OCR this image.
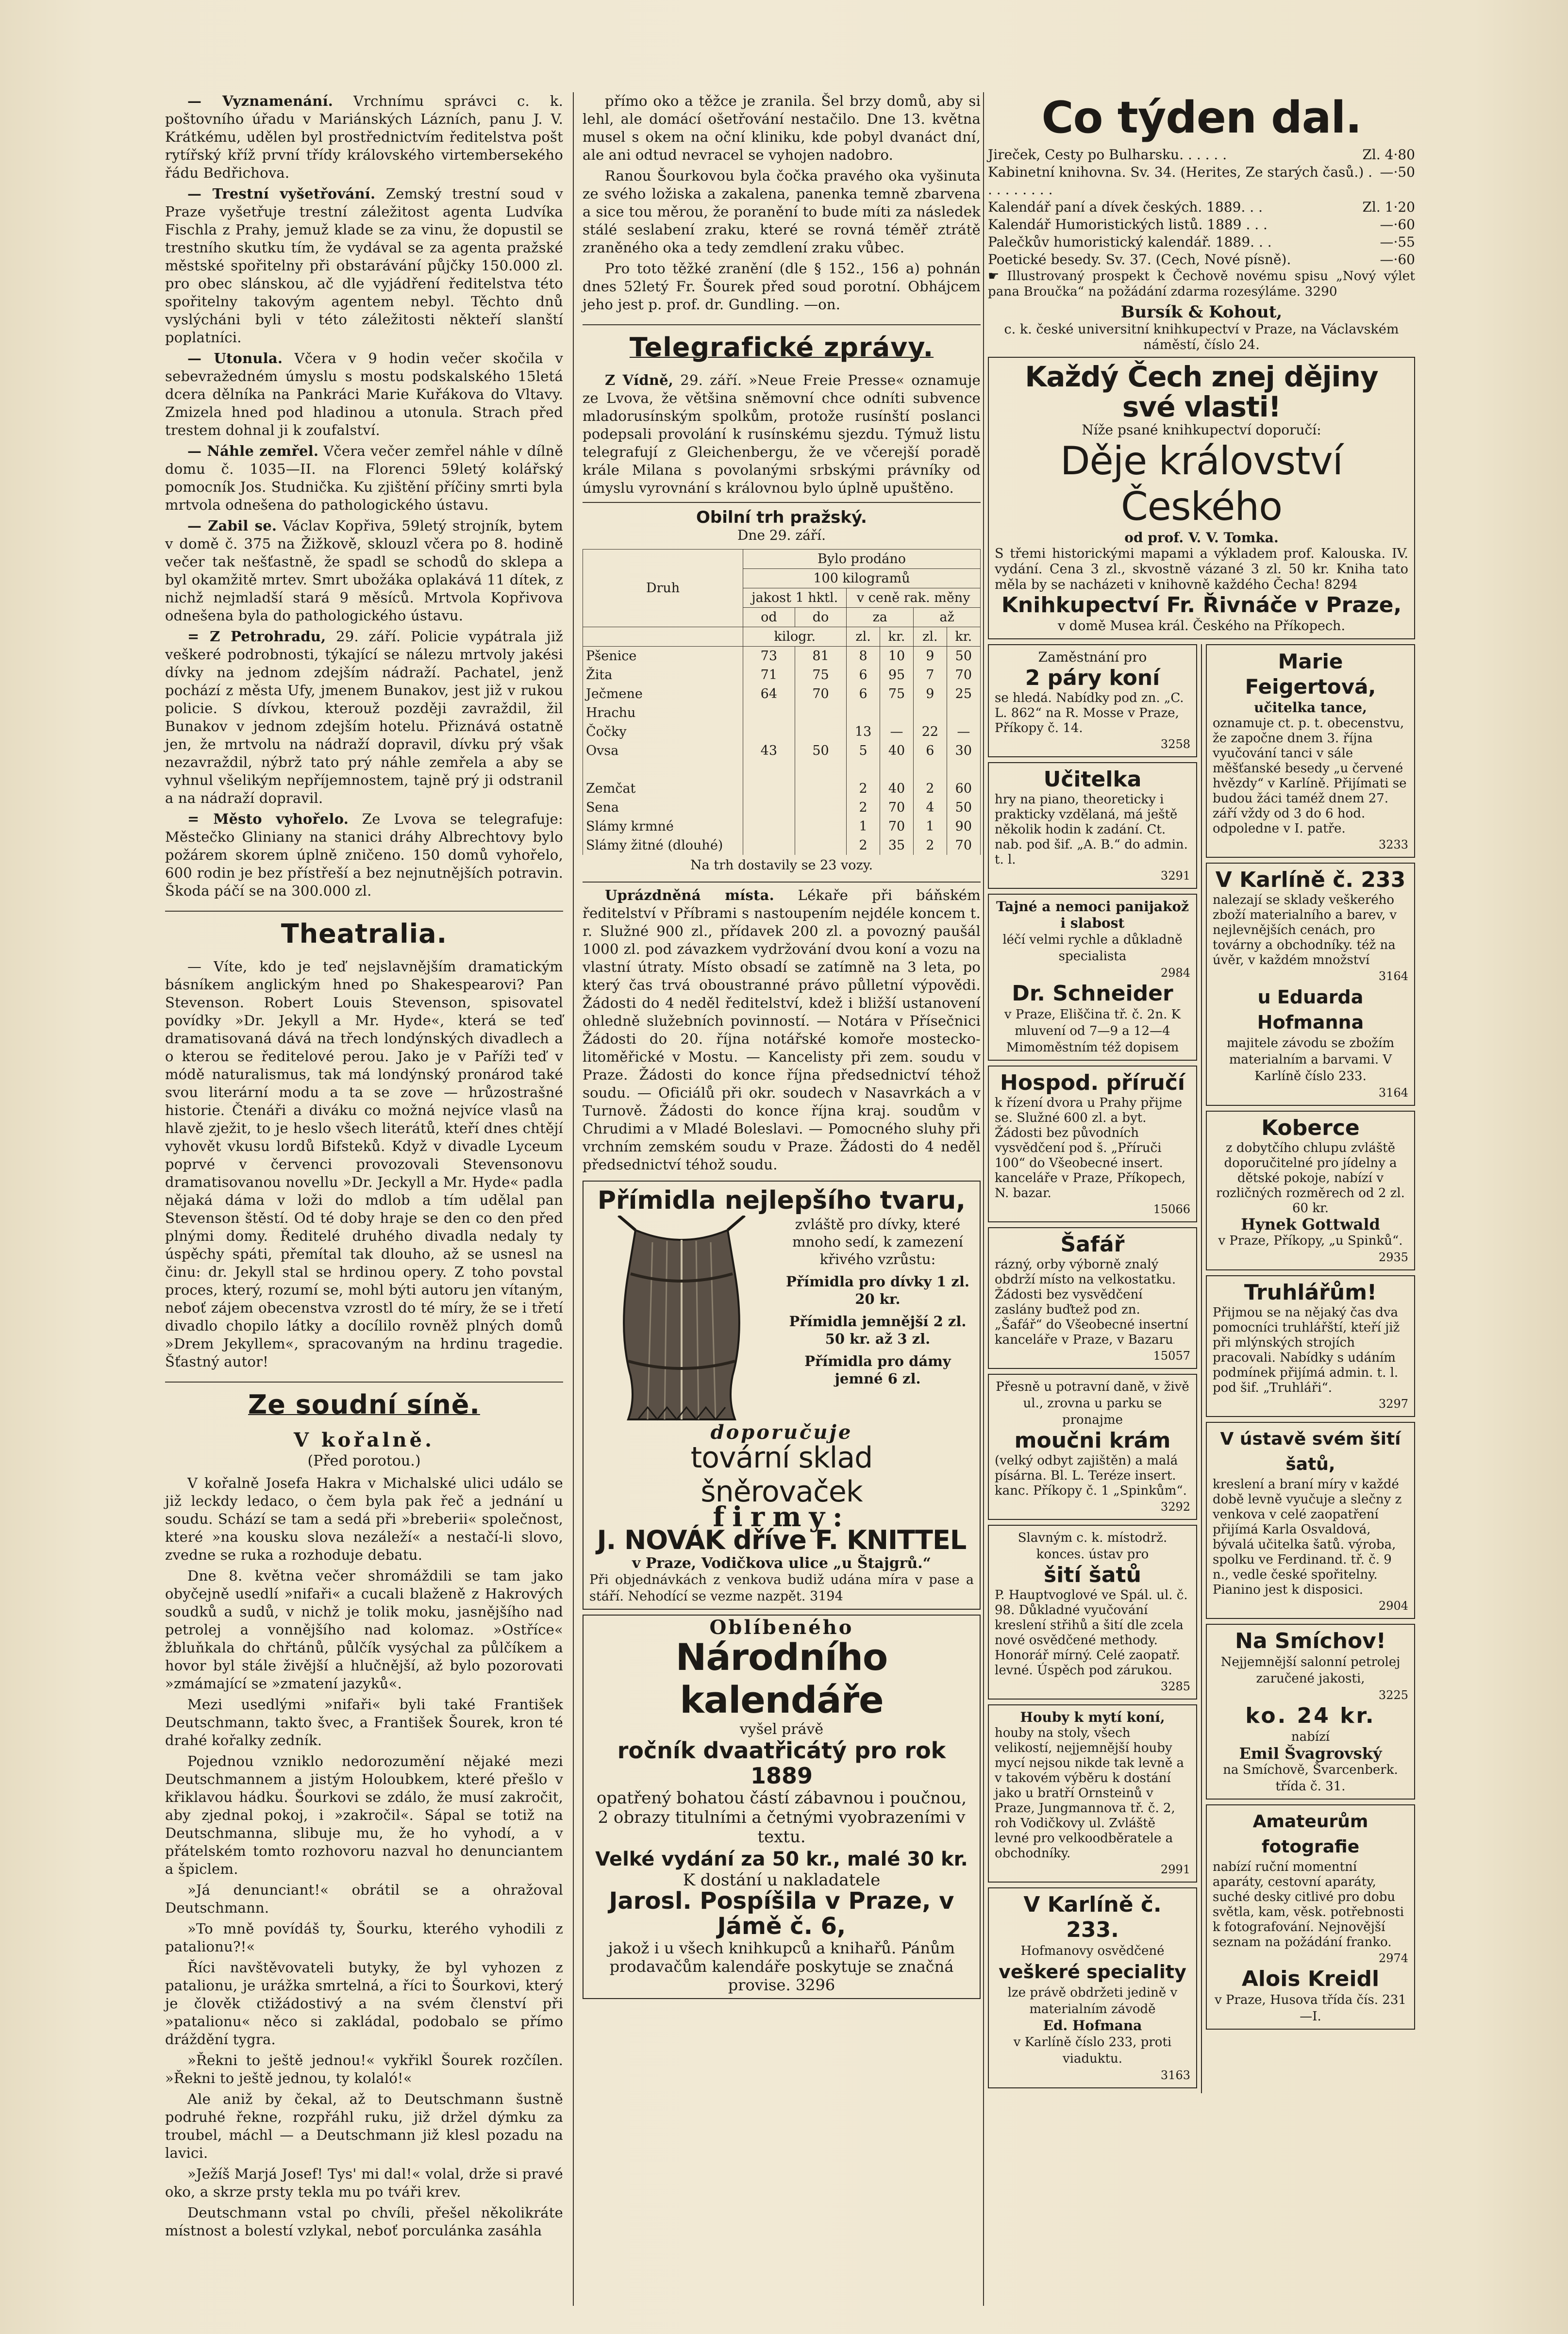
— Vyznamenání. Vrchnímu správci c. k. poštovního úřadu v Mariánských Lázních, panu J. V. Krátkému, udělen byl prostřednictvím ředitelstva pošt rytířský kříž první třídy královského virtembersekého řádu Bedřichova.

— Trestní vyšetřování. Zemský trestní soud v Praze vyšetřuje trestní záležitost agenta Ludvíka Fischla z Prahy, jemuž klade se za vinu, že dopustil se trestního skutku tím, že vydával se za agenta pražské městské spořitelny při obstarávání půjčky 150.000 zl. pro obec slánskou, ač dle vyjádření ředitelstva této spořitelny takovým agentem nebyl. Těchto dnů vyslýcháni byli v této záležitosti někteří slanští poplatníci.

— Utonula. Včera v 9 hodin večer skočila v sebevražedném úmyslu s mostu podskalského 15letá dcera dělníka na Pankráci Marie Kuřákova do Vltavy. Zmizela hned pod hladinou a utonula. Strach před trestem dohnal ji k zoufalství.

— Náhle zemřel. Včera večer zemřel náhle v dílně domu č. 1035—II. na Florenci 59letý kolářský pomocník Jos. Studnička. Ku zjištění příčiny smrti byla mrtvola odnešena do pathologického ústavu.

— Zabil se. Václav Kopřiva, 59letý strojník, bytem v domě č. 375 na Žižkově, sklouzl včera po 8. hodině večer tak nešťastně, že spadl se schodů do sklepa a byl okamžitě mrtev. Smrt ubožáka oplakává 11 dítek, z nichž nejmladší stará 9 měsíců. Mrtvola Kopřivova odnešena byla do pathologického ústavu.

= Z Petrohradu, 29. září. Policie vypátrala již veškeré podrobnosti, týkající se nálezu mrtvoly jakési dívky na jednom zdejším nádraží. Pachatel, jenž pochází z města Ufy, jmenem Bunakov, jest již v rukou policie. S dívkou, kterouž později zavraždil, žil Bunakov v jednom zdejším hotelu. Přiznává ostatně jen, že mrtvolu na nádraží dopravil, dívku prý však nezavraždil, nýbrž tato prý náhle zemřela a aby se vyhnul všelikým nepříjemnostem, tajně prý ji odstranil a na nádraží dopravil.

= Město vyhořelo. Ze Lvova se telegrafuje: Městečko Gliniany na stanici dráhy Albrechtovy bylo požárem skorem úplně zničeno. 150 domů vyhořelo, 600 rodin je bez přístřeší a bez nejnutnějších potravin. Škoda páčí se na 300.000 zl.

Theatralia.

— Víte, kdo je teď nejslavnějším dramatickým básníkem anglickým hned po Shakespearovi? Pan Stevenson. Robert Louis Stevenson, spisovatel povídky »Dr. Jekyll a Mr. Hyde«, která se teď dramatisovaná dává na třech londýnských divadlech a o kterou se ředitelové perou. Jako je v Paříži teď v módě naturalismus, tak má londýnský pronárod také svou literární modu a ta se zove — hrůzostrašné historie. Čtenáři a diváku co možná nejvíce vlasů na hlavě zježit, to je heslo všech literátů, kteří dnes chtějí vyhovět vkusu lordů Bifsteků. Když v divadle Lyceum poprvé v červenci provozovali Stevensonovu dramatisovanou novellu »Dr. Jeckyll a Mr. Hyde« padla nějaká dáma v loži do mdlob a tím udělal pan Stevenson štěstí. Od té doby hraje se den co den před plnými domy. Ředitelé druhého divadla nedaly ty úspěchy spáti, přemítal tak dlouho, až se usnesl na činu: dr. Jekyll stal se hrdinou opery. Z toho povstal proces, který, rozumí se, mohl býti autoru jen vítaným, neboť zájem obecenstva vzrostl do té míry, že se i třetí divadlo chopilo látky a docílilo rovněž plných domů »Drem Jekyllem«, spracovaným na hrdinu tragedie. Šťastný autor!

Ze soudní síně.
V kořalně.
(Před porotou.)

V kořalně Josefa Hakra v Michalské ulici událo se již leckdy ledaco, o čem byla pak řeč a jednání u soudu. Schází se tam a sedá při »breberii« společnost, které »na kousku slova nezáleží« a nestačí-li slovo, zvedne se ruka a rozhoduje debatu.

Dne 8. května večer shromáždili se tam jako obyčejně usedlí »nifaři« a cucali blaženě z Hakrových soudků a sudů, v nichž je tolik moku, jasnějšího nad petrolej a vonnějšího nad kolomaz. »Ostříce« žbluňkala do chřtánů, půlčík vysýchal za půlčíkem a hovor byl stále živější a hlučnější, až bylo pozorovati »zmámající se »zmatení jazyků«.

Mezi usedlými »nifaři« byli také František Deutschmann, takto švec, a František Šourek, kron té drahé kořalky zedník.

Pojednou vzniklo nedorozumění nějaké mezi Deutschmannem a jistým Holoubkem, které přešlo v křiklavou hádku. Šourkovi se zdálo, že musí zakročit, aby zjednal pokoj, i »zakročil«. Sápal se totiž na Deutschmanna, slibuje mu, že ho vyhodí, a v přátelském tomto rozhovoru nazval ho denunciantem a špiclem.

»Já denunciant!« obrátil se a ohražoval Deutschmann.

»To mně povídáš ty, Šourku, kterého vyhodili z patalionu?!«

Říci navštěvovateli butyky, že byl vyhozen z patalionu, je urážka smrtelná, a říci to Šourkovi, který je člověk ctižádostivý a na svém členství při »patalionu« něco si zakládal, podobalo se přímo dráždění tygra.

»Řekni to ještě jednou!« vykřikl Šourek rozčílen. »Řekni to ještě jednou, ty kolaló!«

Ale aniž by čekal, až to Deutschmann šustně podruhé řekne, rozpřáhl ruku, již držel dýmku za troubel, máchl — a Deutschmann již klesl pozadu na lavici.

»Ježíš Marjá Josef! Tys' mi dal!« volal, drže si pravé oko, a skrze prsty tekla mu po tváři krev.

Deutschmann vstal po chvíli, přešel několikráte místnost a bolestí vzlykal, neboť porculánka zasáhla

přímo oko a těžce je zranila. Šel brzy domů, aby si lehl, ale domácí ošetřování nestačilo. Dne 13. května musel s okem na oční kliniku, kde pobyl dvanáct dní, ale ani odtud nevracel se vyhojen nadobro.

Ranou Šourkovou byla čočka pravého oka vyšinuta ze svého ložiska a zakalena, panenka temně zbarvena a sice tou měrou, že poranění to bude míti za následek stálé seslabení zraku, které se rovná téměř ztrátě zraněného oka a tedy zemdlení zraku vůbec.

Pro toto těžké zranění (dle § 152., 156 a) pohnán dnes 52letý Fr. Šourek před soud porotní. Obhájcem jeho jest p. prof. dr. Gundling. —on.

Telegrafické zprávy.

Z Vídně, 29. září. »Neue Freie Presse« oznamuje ze Lvova, že většina sněmovní chce odníti subvence mladorusínským spolkům, protože rusínští poslanci podepsali provolání k rusínskému sjezdu. Týmuž listu telegrafují z Gleichenbergu, že ve včerejší poradě krále Milana s povolanými srbskými právníky od úmyslu vyrovnání s královnou bylo úplně upuštěno.

Obilní trh pražský.
Dne 29. září.
Druh	Bylo prodáno					
	100 kilogramů					
	jakost 1 hktl.		v ceně rak. měny			
	od	do	za		až	
	kilogr.		zl.	kr.	zl.	kr.
Pšenice	73	81	8	10	9	50
Žita	71	75	6	95	7	70
Ječmene	64	70	6	75	9	25
Hrachu						
Čočky			13	—	22	—
Ovsa	43	50	5	40	6	30

Zemčat			2	40	2	60
Sena			2	70	4	50
Slámy krmné			1	70	1	90
Slámy žitné (dlouhé)			2	35	2	70
Na trh dostavily se 23 vozy.

Uprázdněná místa. Lékaře při báňském ředitelství v Příbrami s nastoupením nejdéle koncem t. r. Služné 900 zl., přídavek 200 zl. a povozný paušál 1000 zl. pod závazkem vydržování dvou koní a vozu na vlastní útraty. Místo obsadí se zatímně na 3 leta, po který čas trvá oboustranné právo půlletní výpovědi. Žádosti do 4 neděl ředitelství, kdež i bližší ustanovení ohledně služebních povinností. — Notára v Přísečnici Žádosti do 20. října notářské komoře mostecko-litoměřické v Mostu. — Kancelisty při zem. soudu v Praze. Žádosti do konce října předsednictví téhož soudu. — Oficiálů při okr. soudech v Nasavrkách a v Turnově. Žádosti do konce října kraj. soudům v Chrudimi a v Mladé Boleslavi. — Pomocného sluhy při vrchním zemském soudu v Praze. Žádosti do 4 neděl předsednictví téhož soudu.

Přímidla nejlepšího tvaru,
zvláště pro dívky, které mnoho sedí, k zamezení křivého vzrůstu:
Přímidla pro dívky 1 zl. 20 kr.
Přímidla jemnější 2 zl. 50 kr. až 3 zl.
Přímidla pro dámy jemné 6 zl.
doporučuje
tovární sklad
šněrovaček
firmy:
J. NOVÁK dříve F. KNITTEL
v Praze, Vodičkova ulice „u Štajgrů.“
Při objednávkách z venkova budiž udána míra v pase a stáří. Nehodící se vezme nazpět. 3194
Oblíbeného
Národního kalendáře
vyšel právě
ročník dvaatřicátý pro rok 1889
opatřený bohatou částí zábavnou i poučnou, 2 obrazy titulními a četnými vyobrazeními v textu.
Velké vydání za 50 kr., malé 30 kr.
K dostání u nakladatele
Jarosl. Pospíšila v Praze, v Jámě č. 6,
jakož i u všech knihkupců a knihařů. Pánům prodavačům kalendáře poskytuje se značná provise. 3296
Co týden dal.
Jireček, Cesty po Bulharsku. . . . . .	Zl. 4·80
Kabinetní knihovna. Sv. 34. (Herites, Ze starých časů.) . . . . . . . . .
—·50
Kalendář paní a dívek českých. 1889. . .	Zl. 1·20
Kalendář Humoristických listů. 1889 . . .	—·60
Palečkův humoristický kalendář. 1889. . .	—·55
Poetické besedy. Sv. 37. (Cech, Nové písně).	—·60

☛ Illustrovaný prospekt k Čechově novému spisu „Nový výlet pana Broučka“ na požádání zdarma rozesýláme. 3290

Bursík & Kohout,
c. k. české universitní knihkupectví v Praze, na Václavském náměstí, číslo 24.
Každý Čech znej dějiny své vlasti!
Níže psané knihkupectví doporučí:
Děje království Českého
od prof. V. V. Tomka.
S třemi historickými mapami a výkladem prof. Kalouska. IV. vydání. Cena 3 zl., skvostně vázané 3 zl. 50 kr. Kniha tato měla by se nacházeti v knihovně každého Čecha! 8294
Knihkupectví Fr. Řivnáče v Praze,
v domě Musea král. Českého na Příkopech.
Zaměstnání pro
2 páry koní
se hledá. Nabídky pod zn. „C. L. 862“ na R. Mosse v Praze, Příkopy č. 14.
3258
Učitelka
hry na piano, theoreticky i prakticky vzdělaná, má ještě několik hodin k zadání. Ct. nab. pod šif. „A. B.“ do admin. t. l.
3291
Tajné a nemoci panijakož i slabost
léčí velmi rychle a důkladně specialista
2984
Dr. Schneider
v Praze, Eliščina tř. č. 2n. K mluvení od 7—9 a 12—4 Mimoměstním též dopisem
Hospod. příručí
k řízení dvora u Prahy přijme se. Služné 600 zl. a byt. Žádosti bez původních vysvědčení pod š. „Příruči 100“ do Všeobecné insert. kanceláře v Praze, Příkopech, N. bazar.
15066
Šafář
rázný, orby výborně znalý obdrží místo na velkostatku. Žádosti bez vysvědčení zaslány buďtež pod zn. „Šafář“ do Všeobecné insertní kanceláře v Praze, v Bazaru
15057
Přesně u potravní daně, v živě ul., zrovna u parku se pronajme
moučni krám
(velký odbyt zajištěn) a malá písárna. Bl. L. Teréze insert. kanc. Příkopy č. 1 „Spinkům“.
3292
Slavným c. k. místodrž. konces. ústav pro
šití šatů
P. Hauptvoglové ve Spál. ul. č. 98. Důkladné vyučování kreslení střihů a šití dle zcela nové osvědčené methody. Honorář mírný. Celé zaopatř. levné. Úspěch pod zárukou.
3285
Houby k mytí koní,
houby na stoly, všech velikostí, nejjemnější houby mycí nejsou nikde tak levně a v takovém výběru k dostání jako u bratří Ornsteinů v Praze, Jungmannova tř. č. 2, roh Vodičkovy ul. Zvláště levné pro velkoodběratele a obchodníky.
2991
V Karlíně č. 233.
Hofmanovy osvědčené
veškeré speciality
lze právě obdržeti jedině v materialním závodě
Ed. Hofmana
v Karlíně číslo 233, proti viaduktu.
3163
Marie Feigertová,
učitelka tance,
oznamuje ct. p. t. obecenstvu, že započne dnem 3. října vyučování tanci v sále měšťanské besedy „u červené hvězdy“ v Karlíně. Přijímati se budou žáci taméž dnem 27. září vždy od 3 do 6 hod. odpoledne v I. patře.
3233
V Karlíně č. 233
nalezají se sklady veškerého zboží materialního a barev, v nejlevnějších cenách, pro továrny a obchodníky. též na úvěr, v každém množství
3164
u Eduarda Hofmanna
majitele závodu se zbožím materialním a barvami. V Karlíně číslo 233.
3164
Koberce
z dobytčího chlupu zvláště doporučitelné pro jídelny a dětské pokoje, nabízí v rozličných rozměrech od 2 zl. 60 kr.
Hynek Gottwald
v Praze, Příkopy, „u Spinků“.
2935
Truhlářům!
Přijmou se na nějaký čas dva pomocníci truhlářští, kteří již při mlýnských strojích pracovali. Nabídky s udáním podmínek přijímá admin. t. l. pod šif. „Truhláři“.
3297
V ústavě svém šití šatů,
kreslení a braní míry v každé době levně vyučuje a slečny z venkova v celé zaopatření přijímá Karla Osvaldová, bývalá učitelka šatů. výroba, spolku ve Ferdinand. tř. č. 9 n., vedle české spořitelny. Pianino jest k disposici.
2904
Na Smíchov!
Nejjemnější salonní petrolej zaručené jakosti,
3225
ko. 24 kr.
nabízí
Emil Švagrovský
na Smíchově, Švarcenberk. třída č. 31.
Amateurům fotografie
nabízí ruční momentní aparáty, cestovní aparáty, suché desky citlivé pro dobu světla, kam, věsk. potřebnosti k fotografování. Nejnovější seznam na požádání franko.
2974
Alois Kreidl
v Praze, Husova třída čís. 231—I.
